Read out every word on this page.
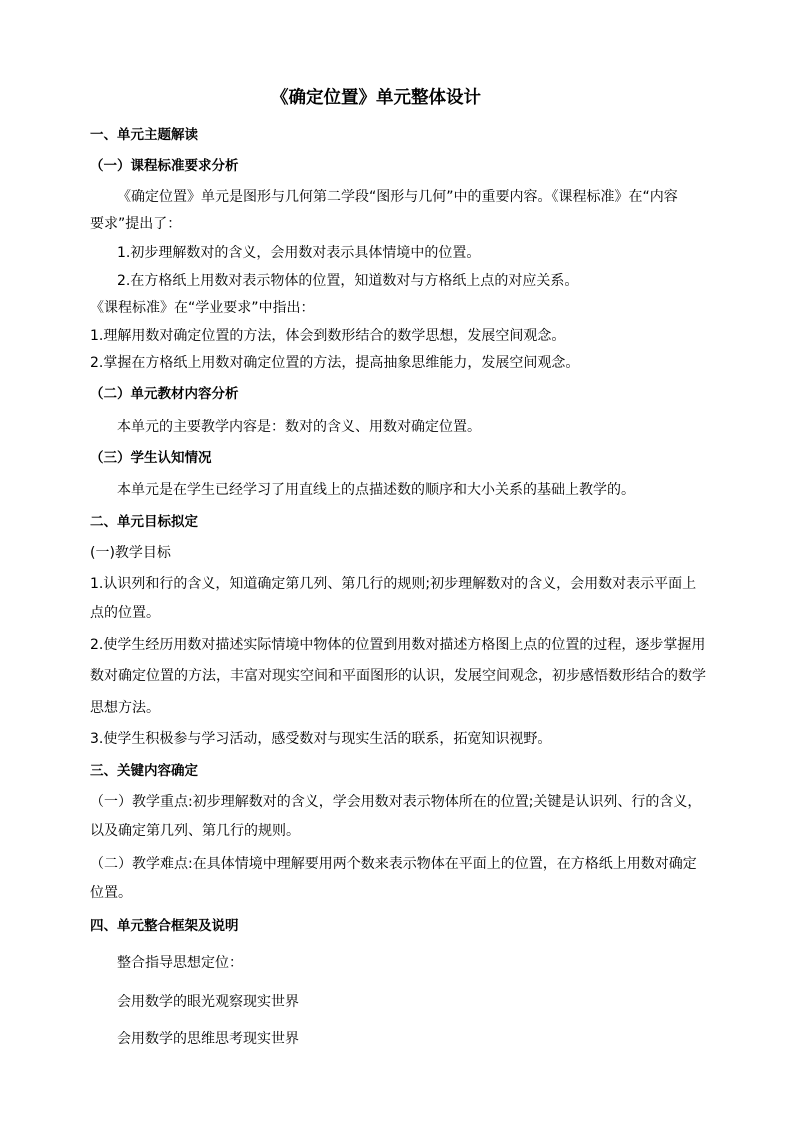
《确定位置》单元整体设计
一、单元主题解读
（一）课程标准要求分析
《确定位置》单元是图形与几何第二学段“图形与几何”中的重要内容。《课程标准》在“内容
要求”提出了：
1.初步理解数对的含义，会用数对表示具体情境中的位置。
2.在方格纸上用数对表示物体的位置，知道数对与方格纸上点的对应关系。
《课程标准》在“学业要求”中指出：
1.理解用数对确定位置的方法，体会到数形结合的数学思想，发展空间观念。
2.掌握在方格纸上用数对确定位置的方法，提高抽象思维能力，发展空间观念。
（二）单元教材内容分析
本单元的主要教学内容是：数对的含义、用数对确定位置。
（三）学生认知情况
本单元是在学生已经学习了用直线上的点描述数的顺序和大小关系的基础上教学的。
二、单元目标拟定
(一)教学目标
1.认识列和行的含义，知道确定第几列、第几行的规则;初步理解数对的含义，会用数对表示平面上
点的位置。
2.使学生经历用数对描述实际情境中物体的位置到用数对描述方格图上点的位置的过程，逐步掌握用
数对确定位置的方法，丰富对现实空间和平面图形的认识，发展空间观念，初步感悟数形结合的数学
思想方法。
3.使学生积极参与学习活动，感受数对与现实生活的联系，拓宽知识视野。
三、关键内容确定
（一）教学重点:初步理解数对的含义，学会用数对表示物体所在的位置;关键是认识列、行的含义，
以及确定第几列、第几行的规则。
（二）教学难点:在具体情境中理解要用两个数来表示物体在平面上的位置，在方格纸上用数对确定
位置。
四、单元整合框架及说明
整合指导思想定位：
会用数学的眼光观察现实世界
会用数学的思维思考现实世界
